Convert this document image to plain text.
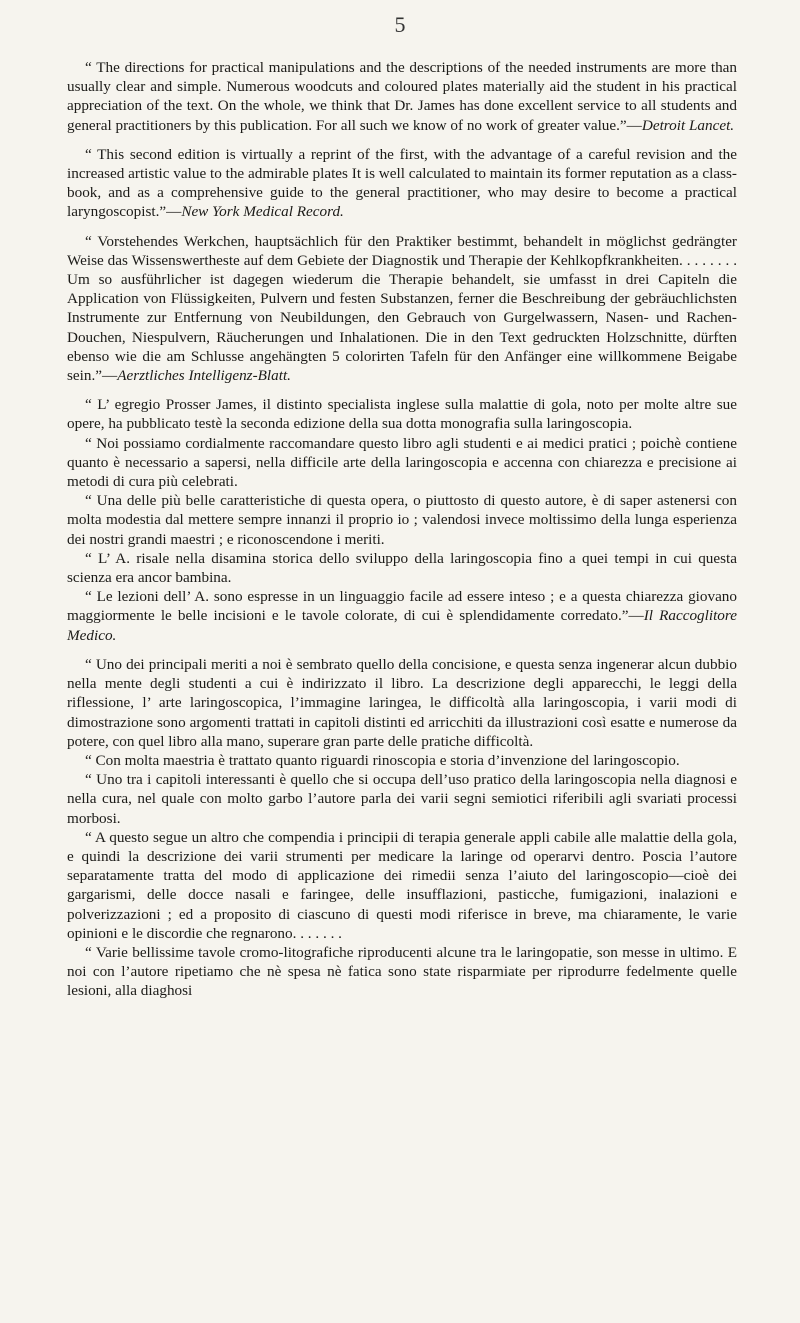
5

“ The directions for practical manipulations and the descriptions of the needed instruments are more than usually clear and simple. Numerous woodcuts and coloured plates materially aid the student in his practical appreciation of the text. On the whole, we think that Dr. James has done excellent service to all students and general practitioners by this publication. For all such we know of no work of greater value.”—Detroit Lancet.

“ This second edition is virtually a reprint of the first, with the advantage of a careful revision and the increased artistic value to the admirable plates It is well calculated to maintain its former reputation as a class-book, and as a comprehensive guide to the general practitioner, who may desire to become a practical laryngoscopist.”—New York Medical Record.

“ Vorstehendes Werkchen, hauptsächlich für den Praktiker bestimmt, behandelt in möglichst gedrängter Weise das Wissenswertheste auf dem Gebiete der Diagnostik und Therapie der Kehlkopfkrankheiten. . . . . . . . Um so ausführlicher ist dagegen wiederum die Therapie behandelt, sie umfasst in drei Capiteln die Application von Flüssigkeiten, Pulvern und festen Substanzen, ferner die Beschreibung der gebräuchlichsten Instrumente zur Entfernung von Neubildungen, den Gebrauch von Gurgelwassern, Nasen- und Rachen-Douchen, Niespulvern, Räucherungen und Inhalationen. Die in den Text gedruckten Holzschnitte, dürften ebenso wie die am Schlusse angehängten 5 colorirten Tafeln für den Anfänger eine willkommene Beigabe sein.”—Aerztliches Intelligenz-Blatt.

“ L’ egregio Prosser James, il distinto specialista inglese sulla malattie di gola, noto per molte altre sue opere, ha pubblicato testè la seconda edizione della sua dotta monografia sulla laringoscopia.

“ Noi possiamo cordialmente raccomandare questo libro agli studenti e ai medici pratici ; poichè contiene quanto è necessario a sapersi, nella difficile arte della laringoscopia e accenna con chiarezza e precisione ai metodi di cura più celebrati.

“ Una delle più belle caratteristiche di questa opera, o piuttosto di questo autore, è di saper astenersi con molta modestia dal mettere sempre innanzi il proprio io ; valendosi invece moltissimo della lunga esperienza dei nostri grandi maestri ; e riconoscendone i meriti.

“ L’ A. risale nella disamina storica dello sviluppo della laringoscopia fino a quei tempi in cui questa scienza era ancor bambina.

“ Le lezioni dell’ A. sono espresse in un linguaggio facile ad essere inteso ; e a questa chiarezza giovano maggiormente le belle incisioni e le tavole colorate, di cui è splendidamente corredato.”—Il Raccoglitore Medico.

“ Uno dei principali meriti a noi è sembrato quello della concisione, e questa senza ingenerar alcun dubbio nella mente degli studenti a cui è indirizzato il libro. La descrizione degli apparecchi, le leggi della riflessione, l’ arte laringoscopica, l’immagine laringea, le difficoltà alla laringoscopia, i varii modi di dimostrazione sono argomenti trattati in capitoli distinti ed arricchiti da illustrazioni così esatte e numerose da potere, con quel libro alla mano, superare gran parte delle pratiche difficoltà.

“ Con molta maestria è trattato quanto riguardi rinoscopia e storia d’invenzione del laringoscopio.

“ Uno tra i capitoli interessanti è quello che si occupa dell’uso pratico della laringoscopia nella diagnosi e nella cura, nel quale con molto garbo l’autore parla dei varii segni semiotici riferibili agli svariati processi morbosi.

“ A questo segue un altro che compendia i principii di terapia generale appli cabile alle malattie della gola, e quindi la descrizione dei varii strumenti per medicare la laringe od operarvi dentro. Poscia l’autore separatamente tratta del modo di applicazione dei rimedii senza l’aiuto del laringoscopio—cioè dei gargarismi, delle docce nasali e faringee, delle insufflazioni, pasticche, fumigazioni, inalazioni e polverizzazioni ; ed a proposito di ciascuno di questi modi riferisce in breve, ma chiaramente, le varie opinioni e le discordie che regnarono. . . . . . .

“ Varie bellissime tavole cromo-litografiche riproducenti alcune tra le laringopatie, son messe in ultimo. E noi con l’autore ripetiamo che nè spesa nè fatica sono state risparmiate per riprodurre fedelmente quelle lesioni, alla diaghosi
